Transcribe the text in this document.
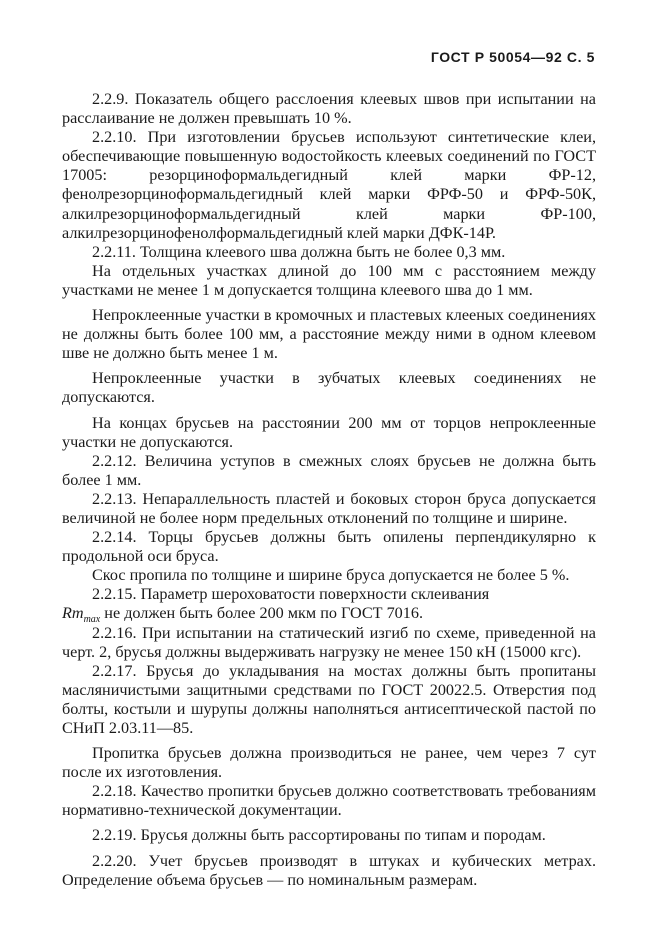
ГОСТ Р 50054—92 С. 5

2.2.9. Показатель общего расслоения клеевых швов при испытании на расслаивание не должен превышать 10 %.

2.2.10. При изготовлении брусьев используют синтетические клеи, обеспечивающие повышенную водостойкость клеевых соединений по ГОСТ 17005: резорциноформальдегидный клей марки ФР-12, фенолрезорциноформальдегидный клей марки ФРФ-50 и ФРФ-50К, алкилрезорциноформальдегидный клей марки ФР-100, алкилрезорцинофенолформальдегидный клей марки ДФК-14Р.

2.2.11. Толщина клеевого шва должна быть не более 0,3 мм.

На отдельных участках длиной до 100 мм с расстоянием между участками не менее 1 м допускается толщина клеевого шва до 1 мм.

Непроклеенные участки в кромочных и пластевых клееных соединениях не должны быть более 100 мм, а расстояние между ними в одном клеевом шве не должно быть менее 1 м.

Непроклеенные участки в зубчатых клеевых соединениях не допускаются.

На концах брусьев на расстоянии 200 мм от торцов непроклеенные участки не допускаются.

2.2.12. Величина уступов в смежных слоях брусьев не должна быть более 1 мм.

2.2.13. Непараллельность пластей и боковых сторон бруса допускается величиной не более норм предельных отклонений по толщине и ширине.

2.2.14. Торцы брусьев должны быть опилены перпендикулярно к продольной оси бруса.

Скос пропила по толщине и ширине бруса допускается не более 5 %.

2.2.15. Параметр шероховатости поверхности склеивания
$Rm_{max}$ не должен быть более 200 мкм по ГОСТ 7016.

2.2.16. При испытании на статический изгиб по схеме, приведенной на черт. 2, брусья должны выдерживать нагрузку не менее 150 кН (15000 кгс).

2.2.17. Брусья до укладывания на мостах должны быть пропитаны масляничистыми защитными средствами по ГОСТ 20022.5. Отверстия под болты, костыли и шурупы должны наполняться антисептической пастой по СНиП 2.03.11—85.

Пропитка брусьев должна производиться не ранее, чем через 7 сут после их изготовления.

2.2.18. Качество пропитки брусьев должно соответствовать требованиям нормативно-технической документации.

2.2.19. Брусья должны быть рассортированы по типам и породам.

2.2.20. Учет брусьев производят в штуках и кубических метрах. Определение объема брусьев — по номинальным размерам.
